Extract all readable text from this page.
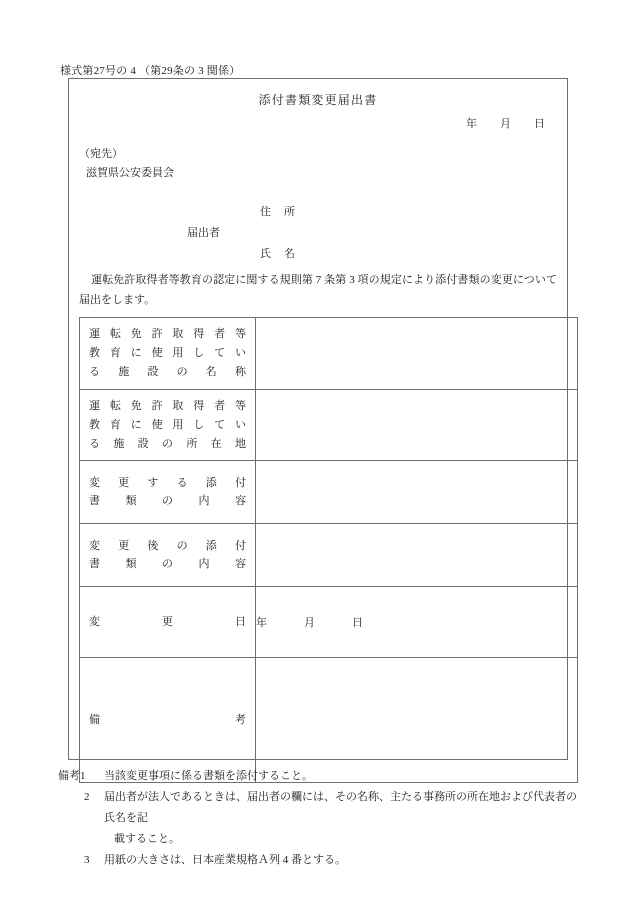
様式第27号の 4 （第29条の 3 関係）
添付書類変更届出書
年 月 日
（宛先）
滋賀県公安委員会
届出者
住 所
氏 名
運転免許取得者等教育の認定に関する規則第 7 条第 3 項の規定により添付書類の変更について届出をします。
運転免許取得者等
教育に使用してい
る施設の名称	

運転免許取得者等
教育に使用してい
る施設の所在地	

変更する添付
書類の内容	

変更後の添付
書類の内容	

変更日	年 月 日

備考	

備考1	当該変更事項に係る書類を添付すること。
2	届出者が法人であるときは、届出者の欄には、その名称、主たる事務所の所在地および代表者の氏名を記
載すること。
3	用紙の大きさは、日本産業規格Ａ列 4 番とする。
